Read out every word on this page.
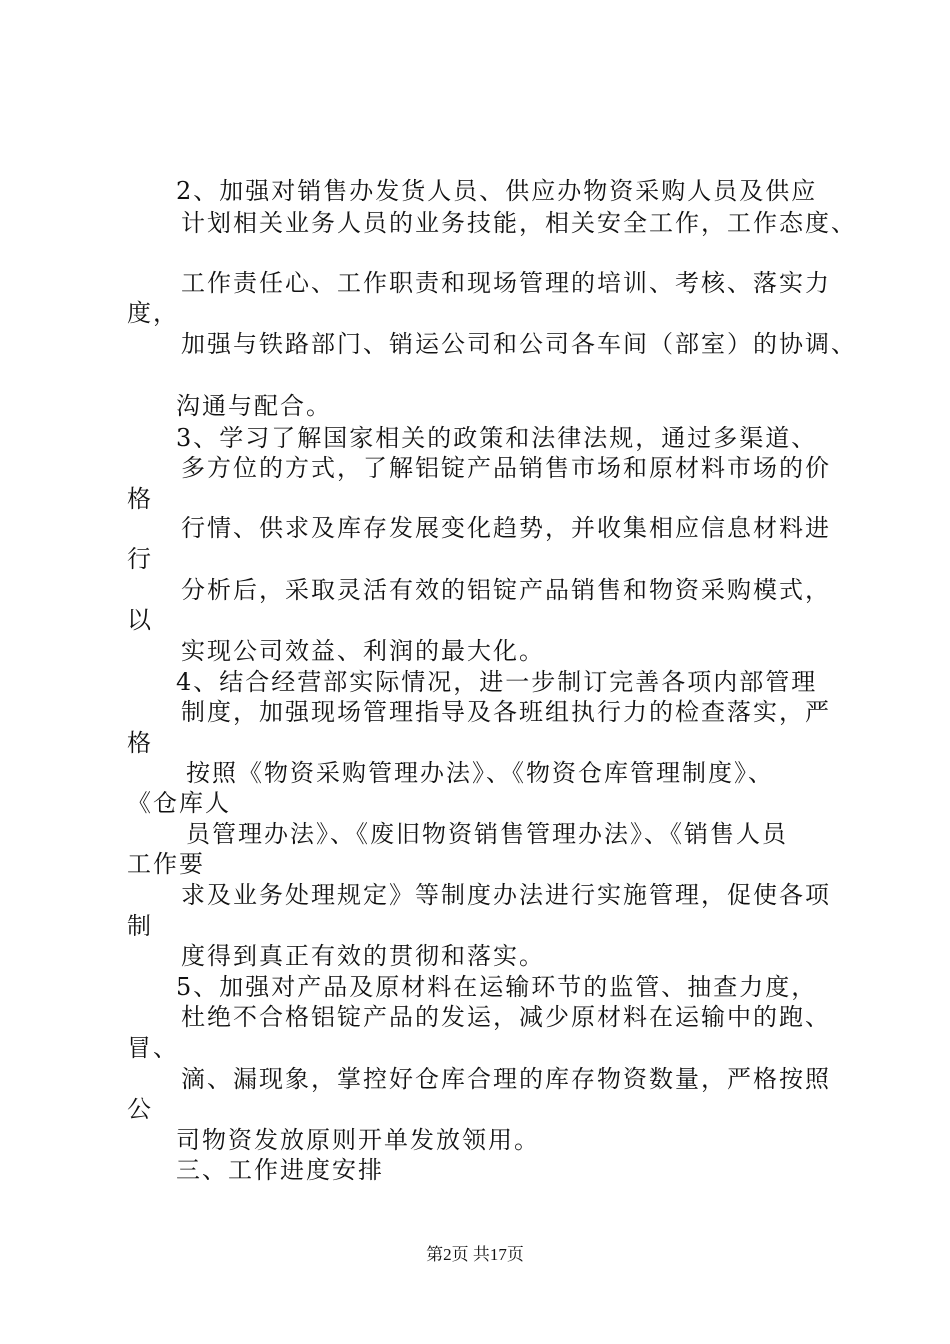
2、加强对销售办发货人员、供应办物资采购人员及供应
计划相关业务人员的业务技能，相关安全工作，工作态度、
工作责任心、工作职责和现场管理的培训、考核、落实力
度，
加强与铁路部门、销运公司和公司各车间（部室）的协调、
沟通与配合。
3、学习了解国家相关的政策和法律法规，通过多渠道、
多方位的方式，了解铝锭产品销售市场和原材料市场的价
格
行情、供求及库存发展变化趋势，并收集相应信息材料进
行
分析后，采取灵活有效的铝锭产品销售和物资采购模式，
以
实现公司效益、利润的最大化。
4、结合经营部实际情况，进一步制订完善各项内部管理
制度，加强现场管理指导及各班组执行力的检查落实，严
格
按照《物资采购管理办法》、《物资仓库管理制度》、
《仓库人
员管理办法》、《废旧物资销售管理办法》、《销售人员
工作要
求及业务处理规定》等制度办法进行实施管理，促使各项
制
度得到真正有效的贯彻和落实。
5、加强对产品及原材料在运输环节的监管、抽查力度，
杜绝不合格铝锭产品的发运，减少原材料在运输中的跑、
冒、
滴、漏现象，掌控好仓库合理的库存物资数量，严格按照
公
司物资发放原则开单发放领用。
三、工作进度安排
第2页 共17页
